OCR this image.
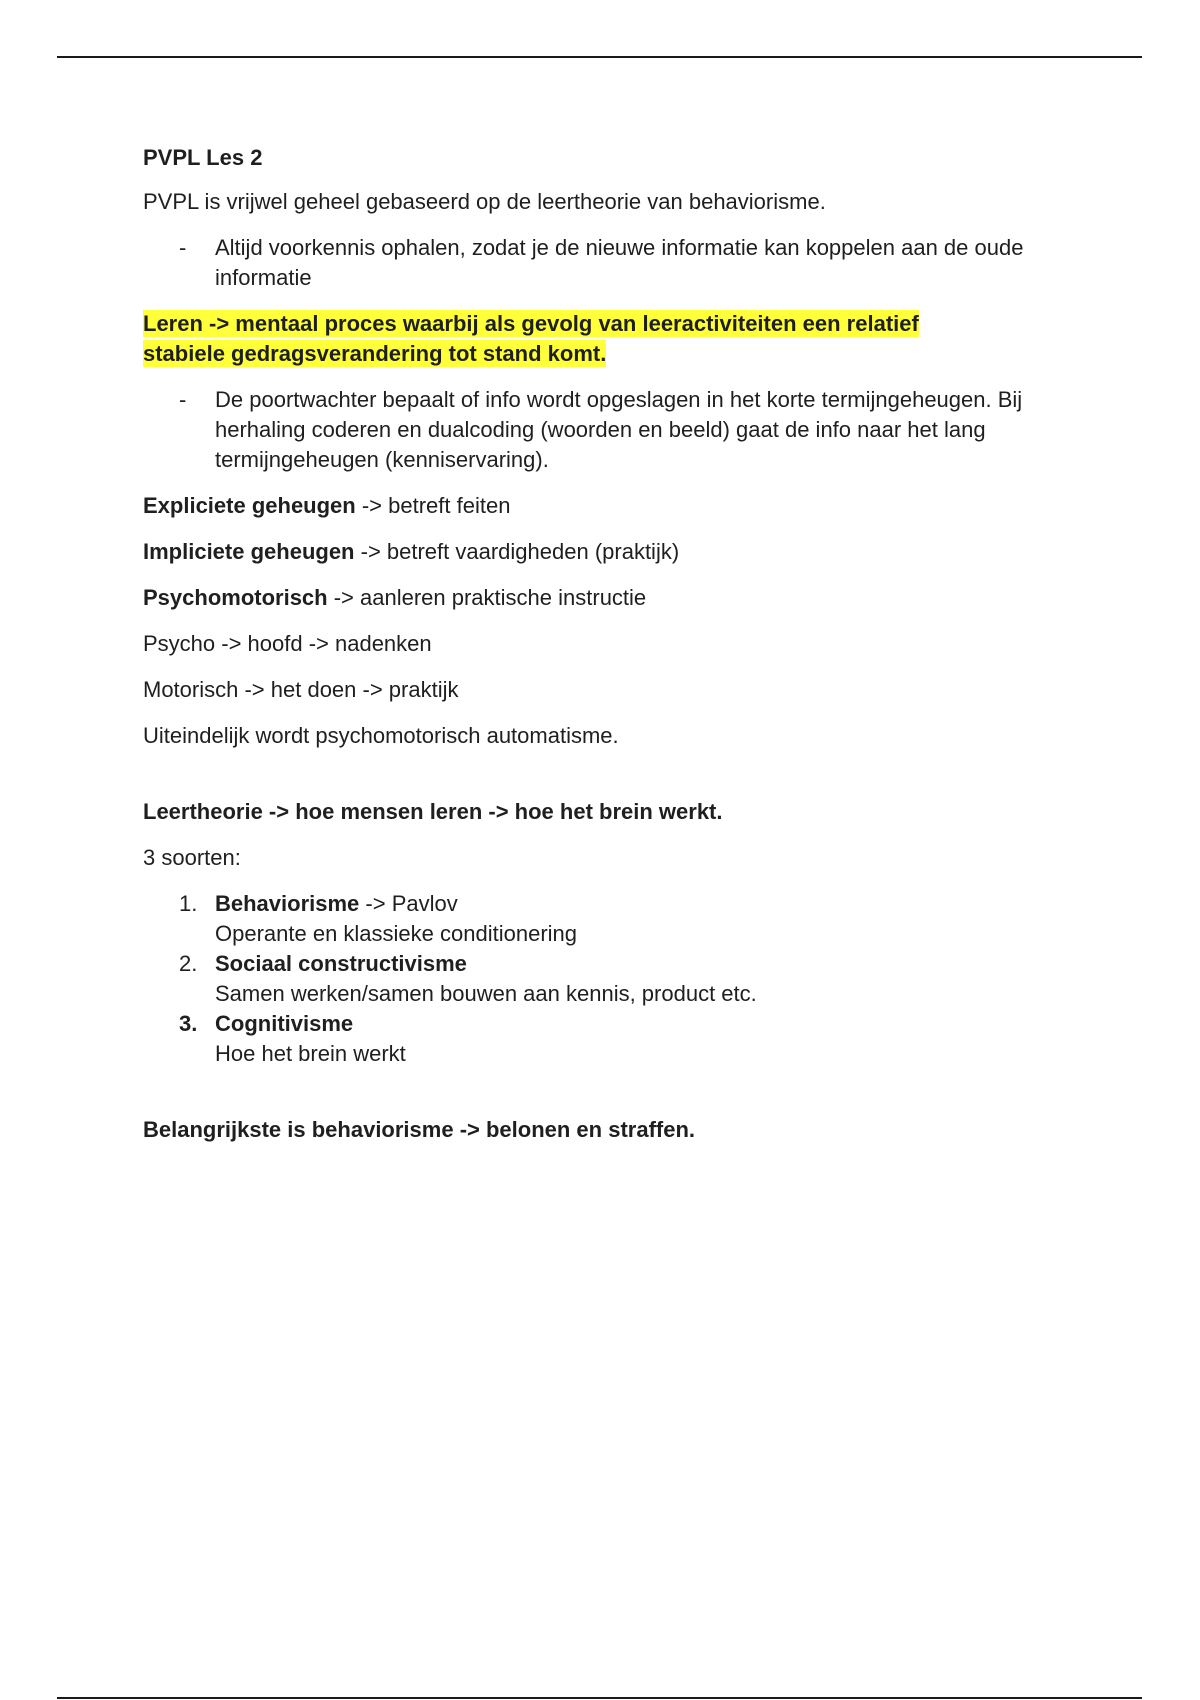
PVPL Les 2
PVPL is vrijwel geheel gebaseerd op de leertheorie van behaviorisme.
- Altijd voorkennis ophalen, zodat je de nieuwe informatie kan koppelen aan de oude informatie
Leren -> mentaal proces waarbij als gevolg van leeractiviteiten een relatief
stabiele gedragsverandering tot stand komt.
- De poortwachter bepaalt of info wordt opgeslagen in het korte termijngeheugen. Bij herhaling coderen en dualcoding (woorden en beeld) gaat de info naar het lang termijngeheugen (kenniservaring).
Expliciete geheugen -> betreft feiten
Impliciete geheugen -> betreft vaardigheden (praktijk)
Psychomotorisch -> aanleren praktische instructie
Psycho -> hoofd -> nadenken
Motorisch -> het doen -> praktijk
Uiteindelijk wordt psychomotorisch automatisme.
Leertheorie -> hoe mensen leren -> hoe het brein werkt.
3 soorten:
1. Behaviorisme -> Pavlov
Operante en klassieke conditionering
2. Sociaal constructivisme
Samen werken/samen bouwen aan kennis, product etc.
3. Cognitivisme
Hoe het brein werkt
Belangrijkste is behaviorisme -> belonen en straffen.
